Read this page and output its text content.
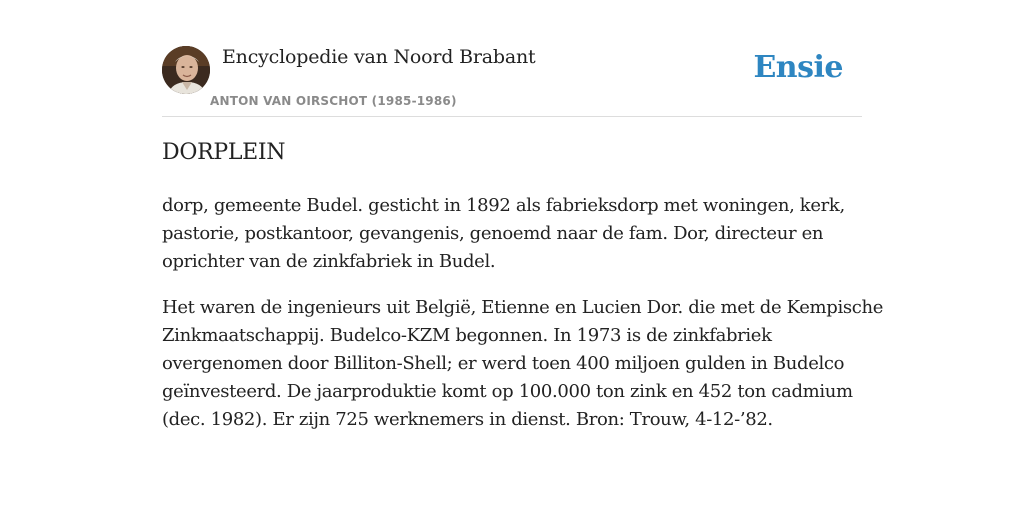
Encyclopedie van Noord Brabant
ANTON VAN OIRSCHOT (1985-1986)
Ensie
DORPLEIN

dorp, gemeente Budel. gesticht in 1892 als fabrieksdorp met woningen, kerk,
pastorie, postkantoor, gevangenis, genoemd naar de fam. Dor, directeur en
oprichter van de zinkfabriek in Budel.

Het waren de ingenieurs uit België, Etienne en Lucien Dor. die met de Kempische
Zinkmaatschappij. Budelco-KZM begonnen. In 1973 is de zinkfabriek
overgenomen door Billiton-Shell; er werd toen 400 miljoen gulden in Budelco
geïnvesteerd. De jaarproduktie komt op 100.000 ton zink en 452 ton cadmium
(dec. 1982). Er zijn 725 werknemers in dienst. Bron: Trouw, 4-12-’82.
